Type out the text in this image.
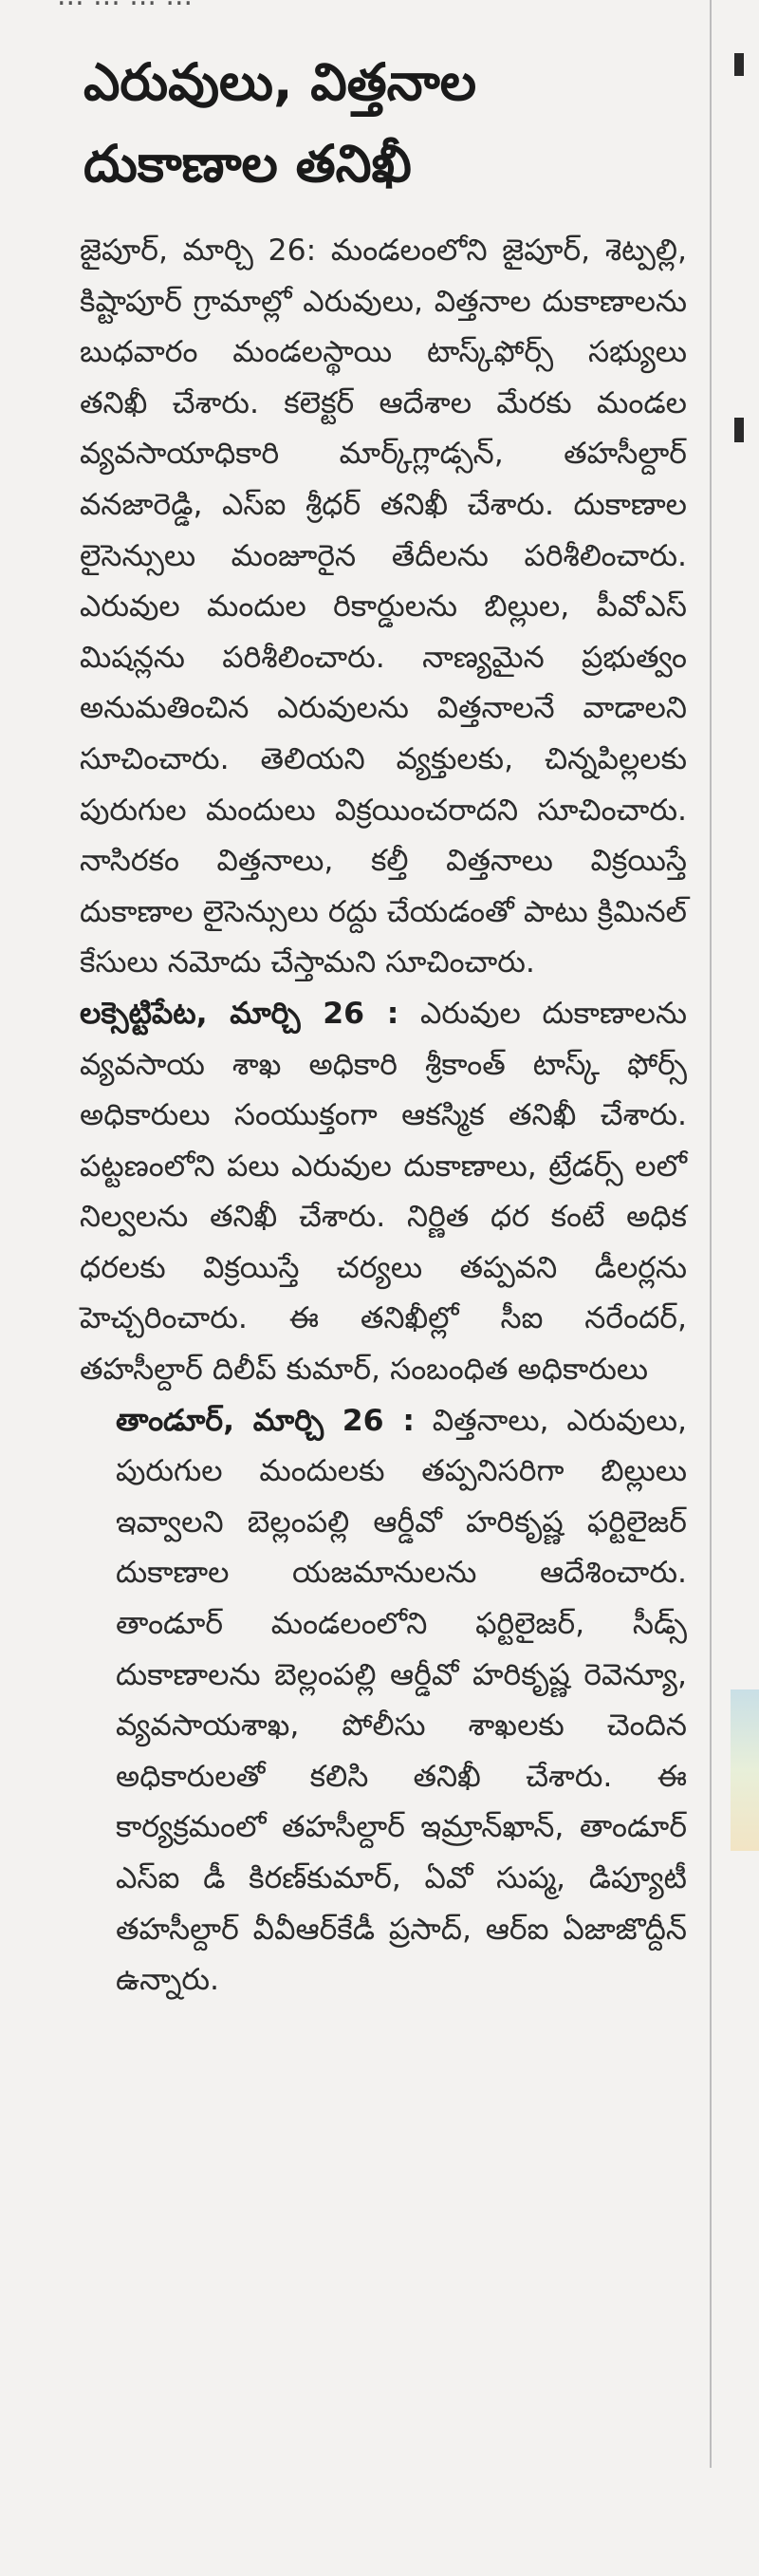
ఎరువులు, విత్తనాల
దుకాణాల తనిఖీ

జైపూర్, మార్చి 26: మండలంలోని జైపూర్, శెట్పల్లి, కిష్టాపూర్ గ్రామాల్లో ఎరువులు, విత్తనాల దుకాణాలను బుధవారం మండలస్థాయి టాస్క్‌ఫోర్స్ సభ్యులు తనిఖీ చేశారు. కలెక్టర్ ఆదేశాల మేరకు మండల వ్యవసాయాధికారి మార్క్‌గ్లాడ్సన్, తహసీల్దార్ వనజారెడ్డి, ఎస్‌ఐ శ్రీధర్ తనిఖీ చేశారు. దుకాణాల లైసెన్సులు మంజూరైన తేదీలను పరిశీలించారు. ఎరువుల మందుల రికార్డులను బిల్లుల, పీవోఎస్ మిషన్లను పరిశీలించారు. నాణ్యమైన ప్రభుత్వం అనుమతించిన ఎరువులను విత్తనాలనే వాడాలని సూచించారు. తెలియని వ్యక్తులకు, చిన్నపిల్లలకు పురుగుల మందులు విక్రయించరాదని సూచించారు. నాసిరకం విత్తనాలు, కల్తీ విత్తనాలు విక్రయిస్తే దుకాణాల లైసెన్సులు రద్దు చేయడంతో పాటు క్రిమినల్ కేసులు నమోదు చేస్తామని సూచించారు.

లక్సెట్టిపేట, మార్చి 26 : ఎరువుల దుకాణాలను వ్యవసాయ శాఖ అధికారి శ్రీకాంత్ టాస్క్ ఫోర్స్ అధికారులు సంయుక్తంగా ఆకస్మిక తనిఖీ చేశారు. పట్టణంలోని పలు ఎరువుల దుకాణాలు, ట్రేడర్స్ లలో నిల్వలను తనిఖీ చేశారు. నిర్ణిత ధర కంటే అధిక ధరలకు విక్రయిస్తే చర్యలు తప్పవని డీలర్లను హెచ్చరించారు. ఈ తనిఖీల్లో సీఐ నరేందర్, తహసీల్దార్ దిలీప్ కుమార్, సంబంధిత అధికారులు

తాండూర్, మార్చి 26 : విత్తనాలు, ఎరువులు, పురుగుల మందులకు తప్పనిసరిగా బిల్లులు ఇవ్వాలని బెల్లంపల్లి ఆర్డీవో హరికృష్ణ ఫర్టిలైజర్ దుకాణాల యజమానులను ఆదేశించారు. తాండూర్ మండలంలోని ఫర్టిలైజర్, సీడ్స్ దుకాణాలను బెల్లంపల్లి ఆర్డీవో హరికృష్ణ రెవెన్యూ, వ్యవసాయశాఖ, పోలీసు శాఖలకు చెందిన అధికారులతో కలిసి తనిఖీ చేశారు. ఈ కార్యక్రమంలో తహసీల్దార్ ఇమ్రాన్‌ఖాన్, తాండూర్ ఎస్‌ఐ డీ కిరణ్‌కుమార్, ఏవో సుప్మ, డిప్యూటీ తహసీల్దార్ వీవీఆర్‌కేడీ ప్రసాద్, ఆర్‌ఐ ఏజాజొద్దీన్ ఉన్నారు.
